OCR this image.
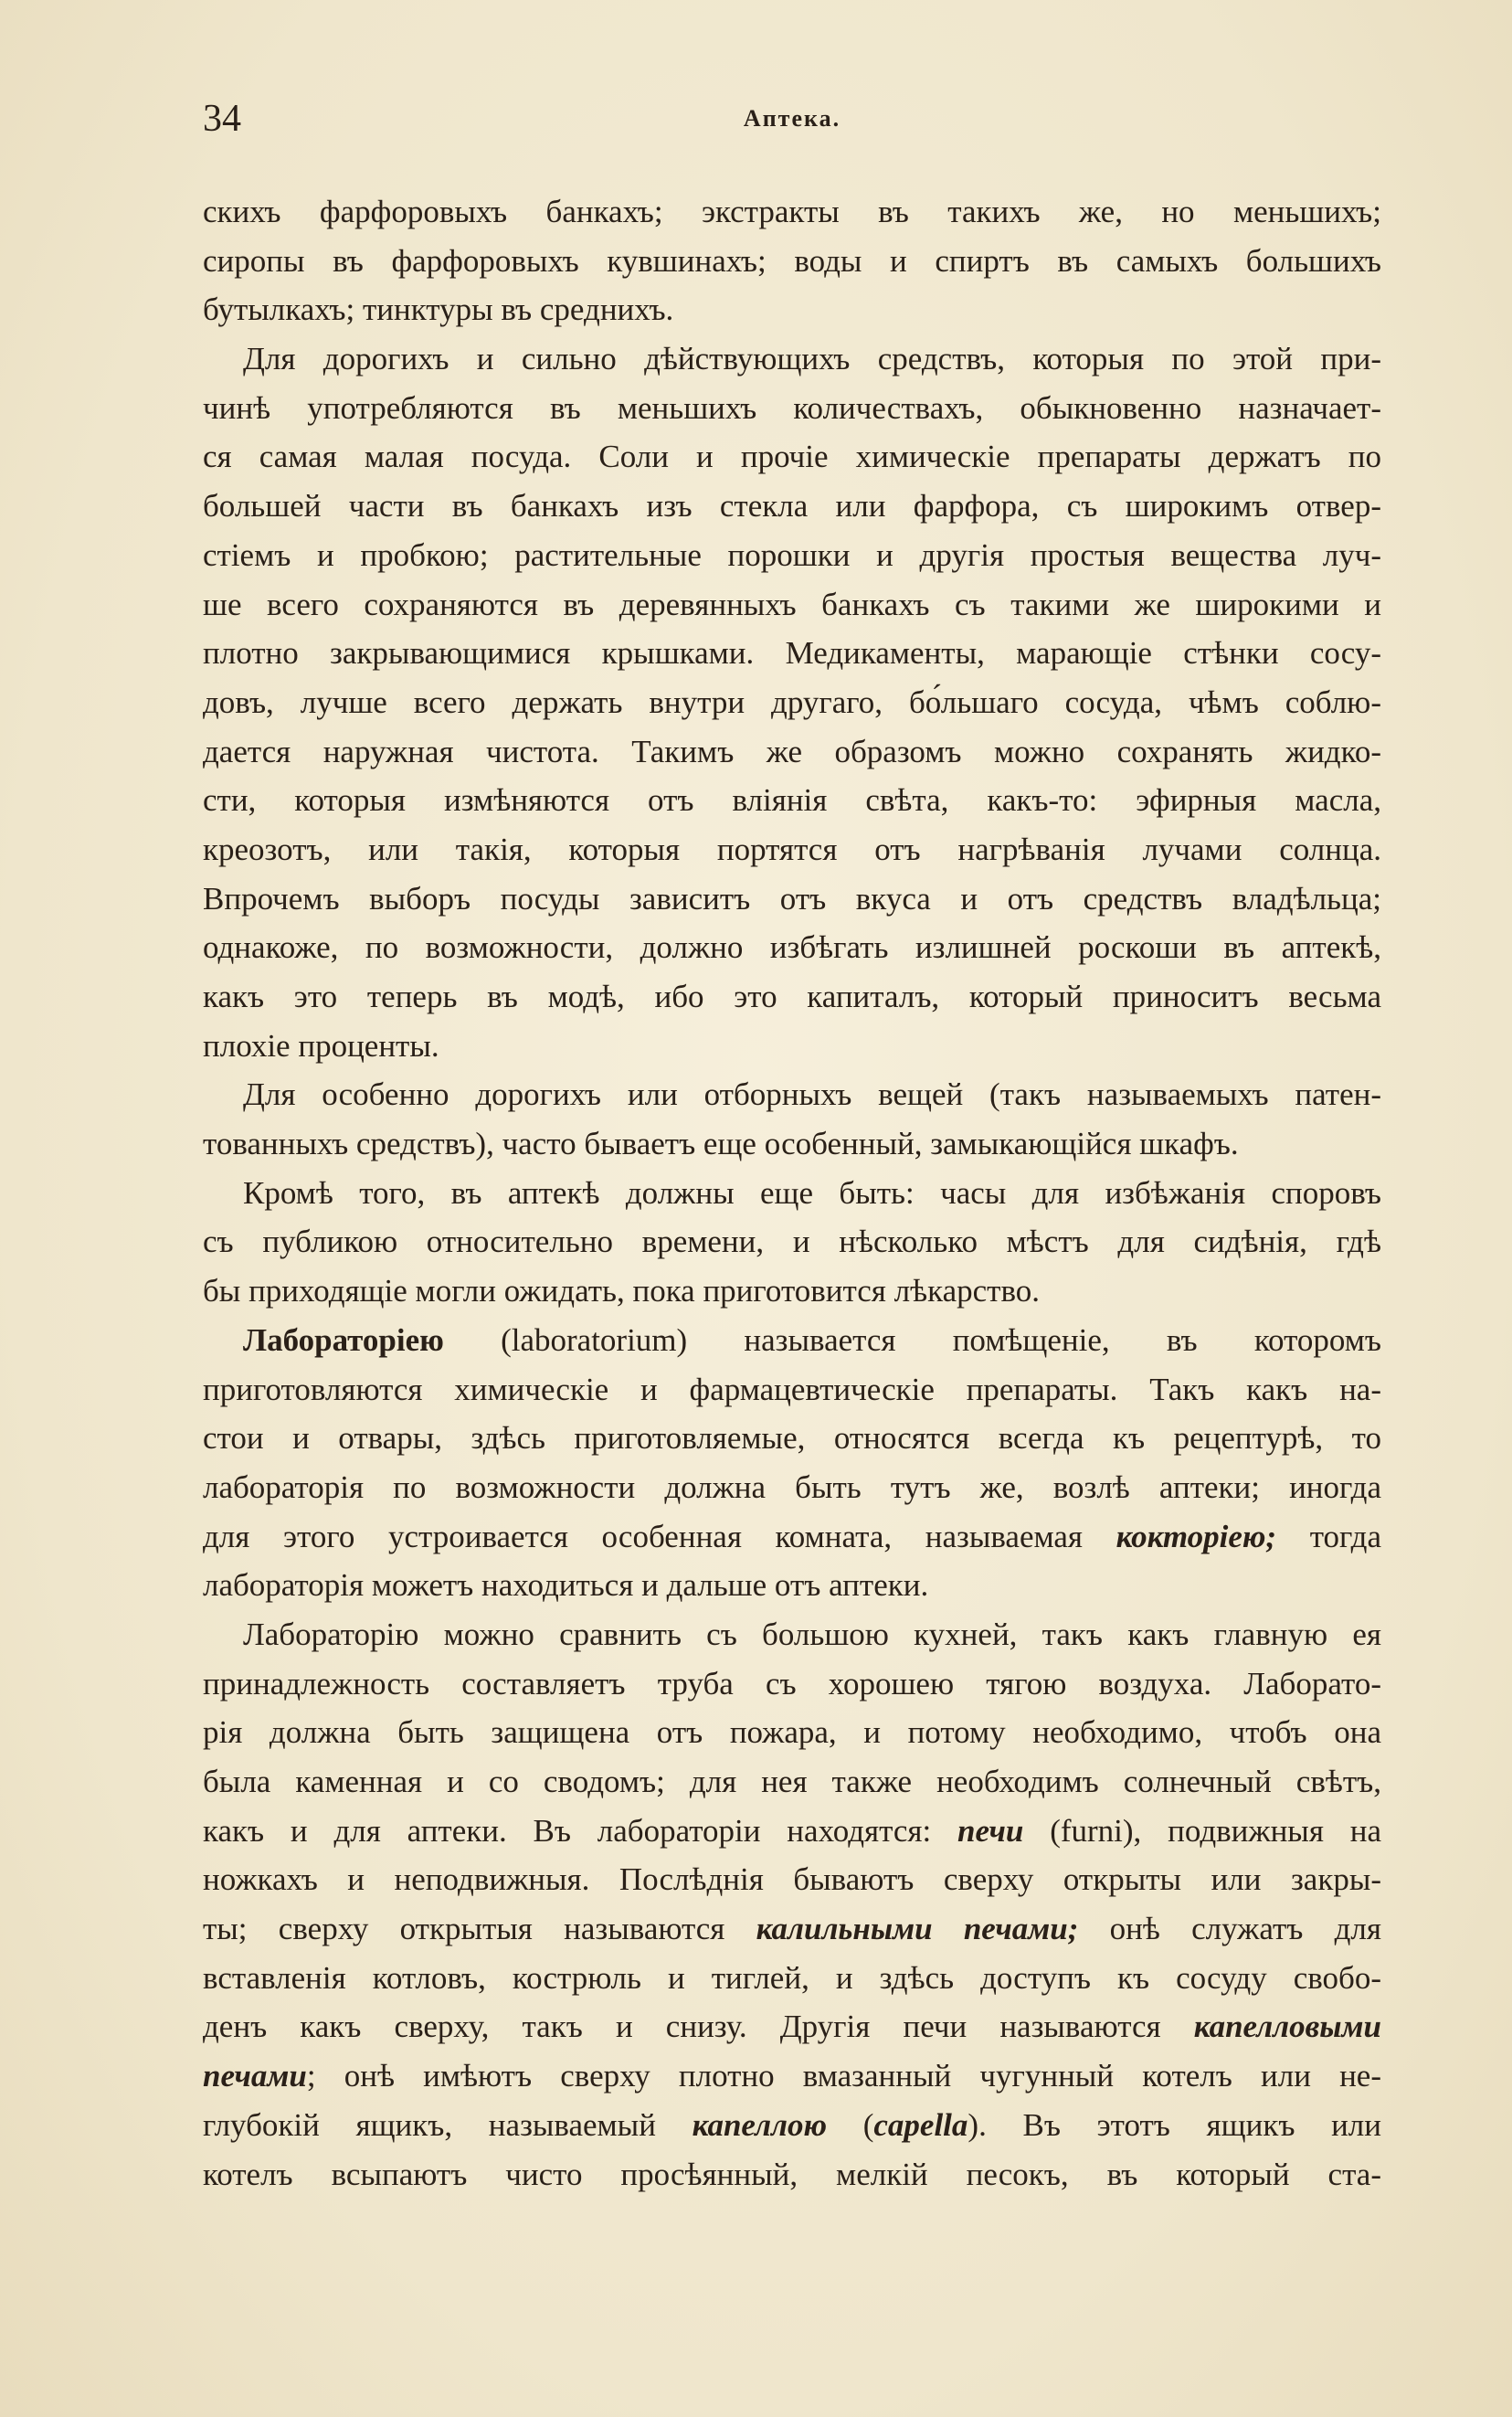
34	Аптека.
скихъ фарфоровыхъ банкахъ; экстракты въ такихъ же, но меньшихъ;
сиропы въ фарфоровыхъ кувшинахъ; воды и спиртъ въ самыхъ большихъ
бутылкахъ; тинктуры въ среднихъ.
Для дорогихъ и сильно дѣйствующихъ средствъ, которыя по этой при-
чинѣ употребляются въ меньшихъ количествахъ, обыкновенно назначает-
ся самая малая посуда. Соли и прочіе химическіе препараты держатъ по
большей части въ банкахъ изъ стекла или фарфора, съ широкимъ отвер-
стіемъ и пробкою; растительные порошки и другія простыя вещества луч-
ше всего сохраняются въ деревянныхъ банкахъ съ такими же широкими и
плотно закрывающимися крышками. Медикаменты, марающіе стѣнки сосу-
довъ, лучше всего держать внутри другаго, бо́льшаго сосуда, чѣмъ соблю-
дается наружная чистота. Такимъ же образомъ можно сохранять жидко-
сти, которыя измѣняются отъ вліянія свѣта, какъ-то: эфирныя масла,
креозотъ, или такія, которыя портятся отъ нагрѣванія лучами солнца.
Впрочемъ выборъ посуды зависитъ отъ вкуса и отъ средствъ владѣльца;
однакоже, по возможности, должно избѣгать излишней роскоши въ аптекѣ,
какъ это теперь въ модѣ, ибо это капиталъ, который приноситъ весьма
плохіе проценты.
Для особенно дорогихъ или отборныхъ вещей (такъ называемыхъ патен-
тованныхъ средствъ), часто бываетъ еще особенный, замыкающійся шкафъ.
Кромѣ того, въ аптекѣ должны еще быть: часы для избѣжанія споровъ
съ публикою относительно времени, и нѣсколько мѣстъ для сидѣнія, гдѣ
бы приходящіе могли ожидать, пока приготовится лѣкарство.
Лабораторіею (laboratorium) называется помѣщеніе, въ которомъ
приготовляются химическіе и фармацевтическіе препараты. Такъ какъ на-
стои и отвары, здѣсь приготовляемые, относятся всегда къ рецептурѣ, то
лабораторія по возможности должна быть тутъ же, возлѣ аптеки; иногда
для этого устроивается особенная комната, называемая кокторіею; тогда
лабораторія можетъ находиться и дальше отъ аптеки.
Лабораторію можно сравнить съ большою кухней, такъ какъ главную ея
принадлежность составляетъ труба съ хорошею тягою воздуха. Лаборато-
рія должна быть защищена отъ пожара, и потому необходимо, чтобъ она
была каменная и со сводомъ; для нея также необходимъ солнечный свѣтъ,
какъ и для аптеки. Въ лабораторіи находятся: печи (furni), подвижныя на
ножкахъ и неподвижныя. Послѣднія бываютъ сверху открыты или закры-
ты; сверху открытыя называются калильными печами; онѣ служатъ для
вставленія котловъ, кострюль и тиглей, и здѣсь доступъ къ сосуду свобо-
денъ какъ сверху, такъ и снизу. Другія печи называются капелловыми
печами; онѣ имѣютъ сверху плотно вмазанный чугунный котелъ или не-
глубокій ящикъ, называемый капеллою (capella). Въ этотъ ящикъ или
котелъ всыпаютъ чисто просѣянный, мелкій песокъ, въ который ста-
